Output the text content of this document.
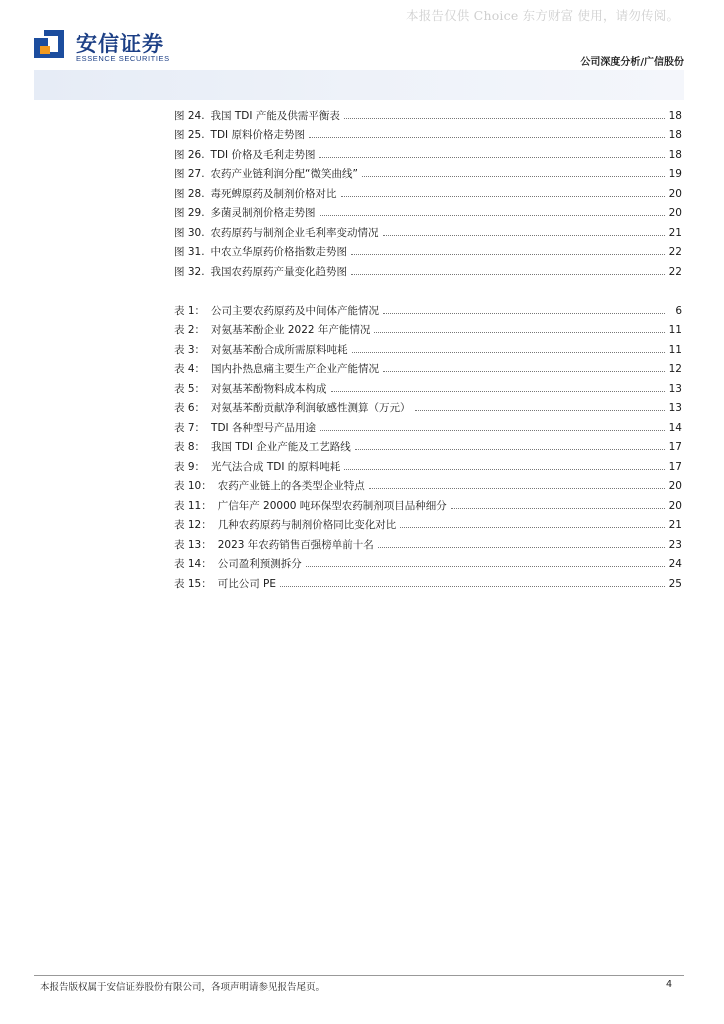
本报告仅供 Choice 东方财富 使用，请勿传阅。
安信证券
ESSENCE SECURITIES	公司深度分析/广信股份
图 24. 我国 TDI 产能及供需平衡表	18
图 25. TDI 原料价格走势图	18
图 26. TDI 价格及毛利走势图	18
图 27. 农药产业链利润分配“微笑曲线”	19
图 28. 毒死蜱原药及制剂价格对比	20
图 29. 多菌灵制剂价格走势图	20
图 30. 农药原药与制剂企业毛利率变动情况	21
图 31. 中农立华原药价格指数走势图	22
图 32. 我国农药原药产量变化趋势图	22
表 1： 公司主要农药原药及中间体产能情况	6
表 2： 对氨基苯酚企业 2022 年产能情况	11
表 3： 对氨基苯酚合成所需原料吨耗	11
表 4： 国内扑热息痛主要生产企业产能情况	12
表 5： 对氨基苯酚物料成本构成	13
表 6： 对氨基苯酚贡献净利润敏感性测算（万元）	13
表 7： TDI 各种型号产品用途	14
表 8： 我国 TDI 企业产能及工艺路线	17
表 9： 光气法合成 TDI 的原料吨耗	17
表 10： 农药产业链上的各类型企业特点	20
表 11： 广信年产 20000 吨环保型农药制剂项目品种细分	20
表 12： 几种农药原药与制剂价格同比变化对比	21
表 13： 2023 年农药销售百强榜单前十名	23
表 14： 公司盈利预测拆分	24
表 15： 可比公司 PE	25
本报告版权属于安信证券股份有限公司，各项声明请参见报告尾页。	4
